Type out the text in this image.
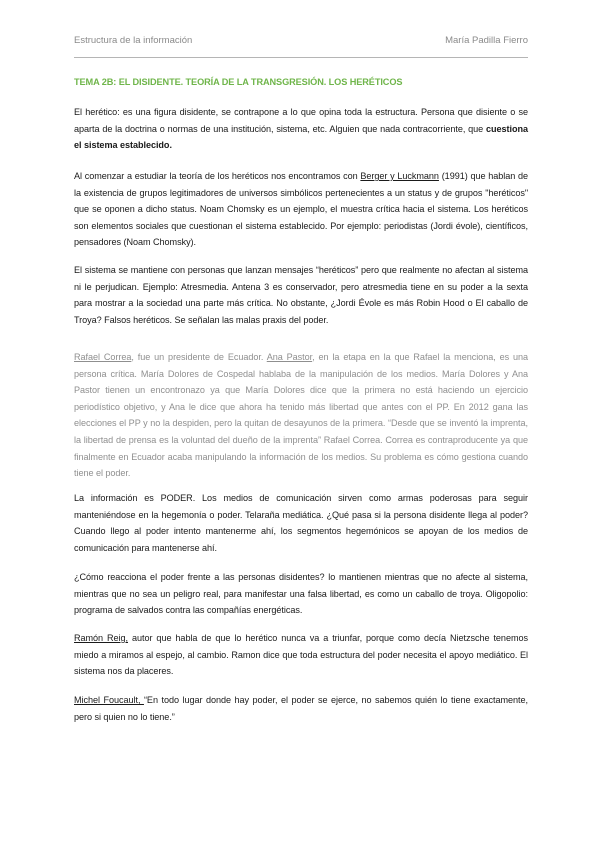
Estructura de la información	María Padilla Fierro
TEMA 2B: EL DISIDENTE. TEORÍA DE LA TRANSGRESIÓN. LOS HERÉTICOS

El herético: es una figura disidente, se contrapone a lo que opina toda la estructura. Persona que disiente o se aparta de la doctrina o normas de una institución, sistema, etc. Alguien que nada contracorriente, que cuestiona el sistema establecido.

Al comenzar a estudiar la teoría de los heréticos nos encontramos con Berger y Luckmann (1991) que hablan de la existencia de grupos legitimadores de universos simbólicos pertenecientes a un status y de grupos "heréticos" que se oponen a dicho status. Noam Chomsky es un ejemplo, el muestra crítica hacia el sistema. Los heréticos son elementos sociales que cuestionan el sistema establecido. Por ejemplo: periodistas (Jordi évole), científicos, pensadores (Noam Chomsky).

El sistema se mantiene con personas que lanzan mensajes “heréticos” pero que realmente no afectan al sistema ni le perjudican. Ejemplo: Atresmedia. Antena 3 es conservador, pero atresmedia tiene en su poder a la sexta para mostrar a la sociedad una parte más crítica. No obstante, ¿Jordi Évole es más Robin Hood o El caballo de Troya? Falsos heréticos. Se señalan las malas praxis del poder.

Rafael Correa, fue un presidente de Ecuador. Ana Pastor, en la etapa en la que Rafael la menciona, es una persona crítica. María Dolores de Cospedal hablaba de la manipulación de los medios. María Dolores y Ana Pastor tienen un encontronazo ya que María Dolores dice que la primera no está haciendo un ejercicio periodístico objetivo, y Ana le dice que ahora ha tenido más libertad que antes con el PP. En 2012 gana las elecciones el PP y no la despiden, pero la quitan de desayunos de la primera. “Desde que se inventó la imprenta, la libertad de prensa es la voluntad del dueño de la imprenta” Rafael Correa. Correa es contraproducente ya que finalmente en Ecuador acaba manipulando la información de los medios. Su problema es cómo gestiona cuando tiene el poder.

La información es PODER. Los medios de comunicación sirven como armas poderosas para seguir manteniéndose en la hegemonía o poder. Telaraña mediática. ¿Qué pasa si la persona disidente llega al poder? Cuando llego al poder intento mantenerme ahí, los segmentos hegemónicos se apoyan de los medios de comunicación para mantenerse ahí.

¿Cómo reacciona el poder frente a las personas disidentes? lo mantienen mientras que no afecte al sistema, mientras que no sea un peligro real, para manifestar una falsa libertad, es como un caballo de troya. Oligopolio: programa de salvados contra las compañías energéticas.

Ramón Reig, autor que habla de que lo herético nunca va a triunfar, porque como decía Nietzsche tenemos miedo a miramos al espejo, al cambio. Ramon dice que toda estructura del poder necesita el apoyo mediático. El sistema nos da placeres.

Michel Foucault, “En todo lugar donde hay poder, el poder se ejerce, no sabemos quién lo tiene exactamente, pero si quien no lo tiene.”
